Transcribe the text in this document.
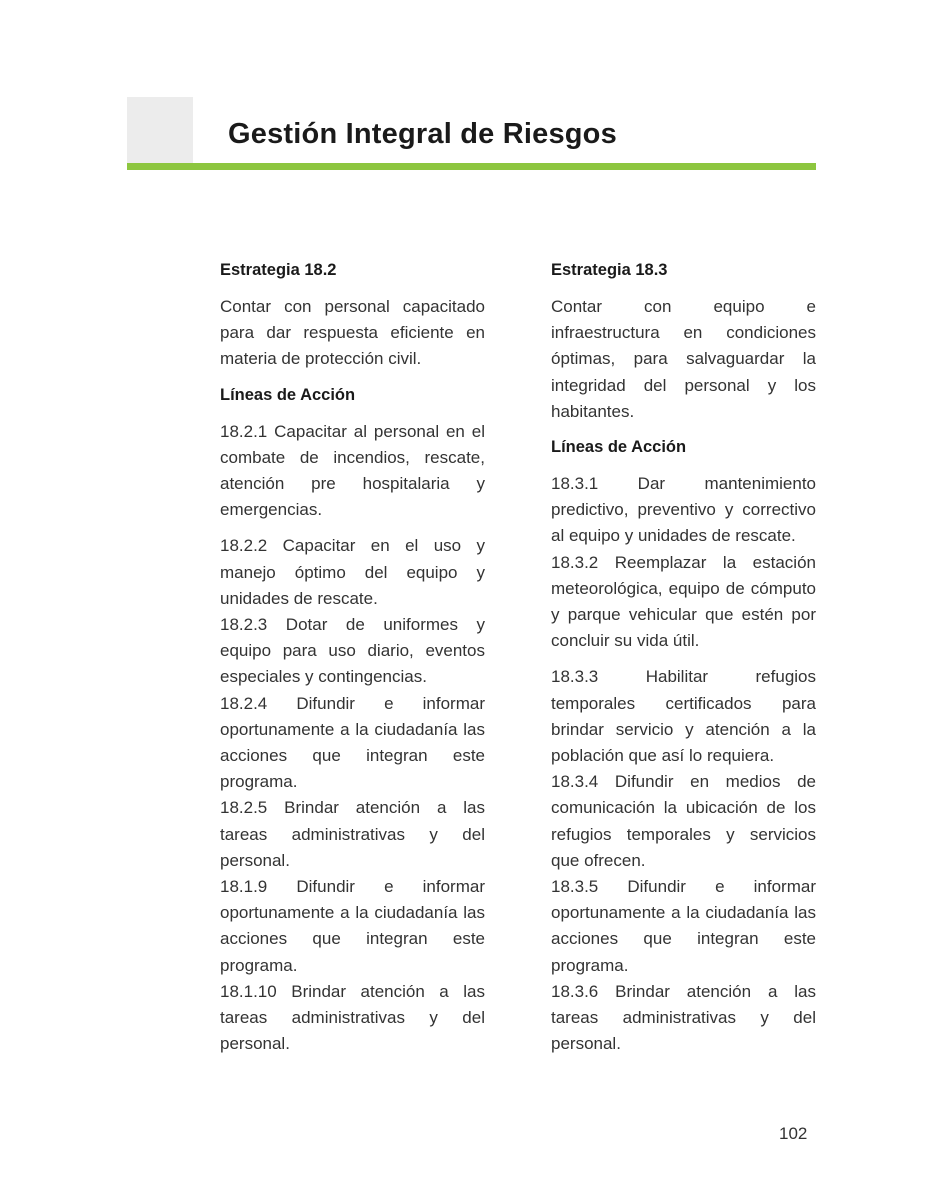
Gestión Integral de Riesgos

Estrategia 18.2

Contar con personal capacitado para dar respuesta eficiente en materia de protección civil.

Líneas de Acción

18.2.1 Capacitar al personal en el combate de incendios, rescate, atención pre hospitalaria y emergencias.

18.2.2 Capacitar en el uso y manejo óptimo del equipo y unidades de rescate.

18.2.3 Dotar de uniformes y equipo para uso diario, eventos especiales y contingencias.

18.2.4 Difundir e informar oportunamente a la ciudadanía las acciones que integran este programa.

18.2.5 Brindar atención a las tareas administrativas y del personal.

18.1.9 Difundir e informar oportunamente a la ciudadanía las acciones que integran este programa.

18.1.10 Brindar atención a las tareas administrativas y del personal.

Estrategia 18.3

Contar con equipo e infraestructura en condiciones óptimas, para salvaguardar la integridad del personal y los habitantes.

Líneas de Acción

18.3.1 Dar mantenimiento predictivo, preventivo y correctivo al equipo y unidades de rescate.

18.3.2 Reemplazar la estación meteorológica, equipo de cómputo y parque vehicular que estén por concluir su vida útil.

18.3.3 Habilitar refugios temporales certificados para brindar servicio y atención a la población que así lo requiera.

18.3.4 Difundir en medios de comunicación la ubicación de los refugios temporales y servicios que ofrecen.

18.3.5 Difundir e informar oportunamente a la ciudadanía las acciones que integran este programa.

18.3.6 Brindar atención a las tareas administrativas y del personal.

102
